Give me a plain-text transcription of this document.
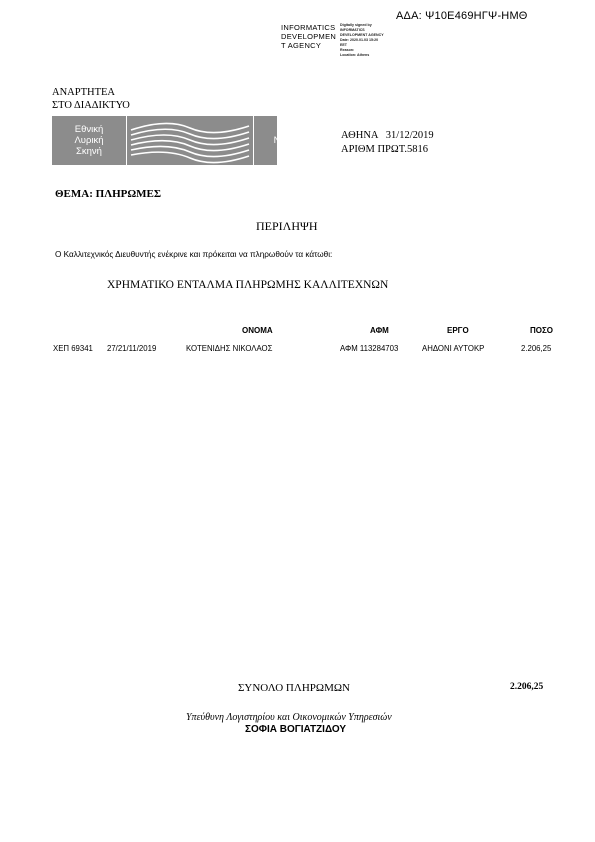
ΑΔΑ: Ψ10Ε469ΗΓΨ-ΗΜΘ
INFORMATICS
DEVELOPMEN
T AGENCY
Digitally signed by
INFORMATICS
DEVELOPMENT AGENCY
Date: 2020.01.03 15:20
EET
Reason:
Location: Athens
ΑΝΑΡΤΗΤΕΑ
ΣΤΟ ΔΙΑΔΙΚΤΥΟ
Εθνική
Λυρική
Σκηνή
Greek
National
Opera
ΑΘΗΝΑ   31/12/2019
ΑΡΙΘΜ ΠΡΩΤ.5816
ΘΕΜΑ: ΠΛΗΡΩΜΕΣ
ΠΕΡΙΛΗΨΗ
Ο Καλλιτεχνικός Διευθυντής ενέκρινε και πρόκειται να πληρωθούν τα κάτωθι:
ΧΡΗΜΑΤΙΚΟ ΕΝΤΑΛΜΑ ΠΛΗΡΩΜΗΣ ΚΑΛΛΙΤΕΧΝΩΝ
ΟΝΟΜΑ	ΑΦΜ	ΕΡΓΟ	ΠΟΣΟ
ΧΕΠ 69341 27/21/11/2019	ΚΟΤΕΝΙΔΗΣ ΝΙΚΟΛΑΟΣ	ΑΦΜ 113284703	ΑΗΔΟΝΙ ΑΥΤΟΚΡ	2.206,25
ΣΥΝΟΛΟ ΠΛΗΡΩΜΩΝ	2.206,25
Υπεύθυνη Λογιστηρίου και Οικονομικών Υπηρεσιών
ΣΟΦΙΑ ΒΟΓΙΑΤΖΙΔΟΥ
